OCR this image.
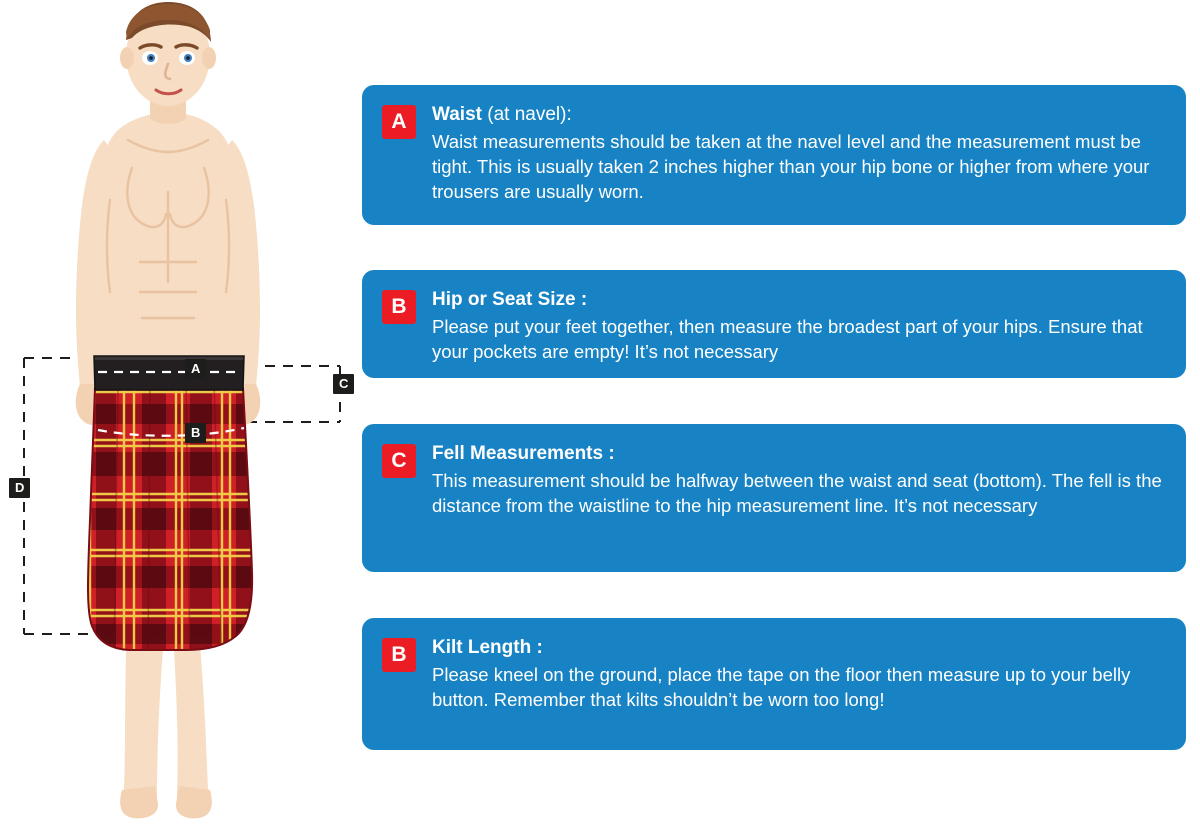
A
B
C
D
A	Waist (at navel):

Waist measurements should be taken at the navel level and the measurement must be tight. This is usually taken 2 inches higher than your hip bone or higher from where your trousers are usually worn.

B	Hip or Seat Size :

Please put your feet together, then measure the broadest part of your hips. Ensure that your pockets are empty! It’s not necessary

C	Fell Measurements :

This measurement should be halfway between the waist and seat (bottom). The fell is the distance from the waistline to the hip measurement line. It’s not necessary

B	Kilt Length :

Please kneel on the ground, place the tape on the floor then measure up to your belly button. Remember that kilts shouldn’t be worn too long!
